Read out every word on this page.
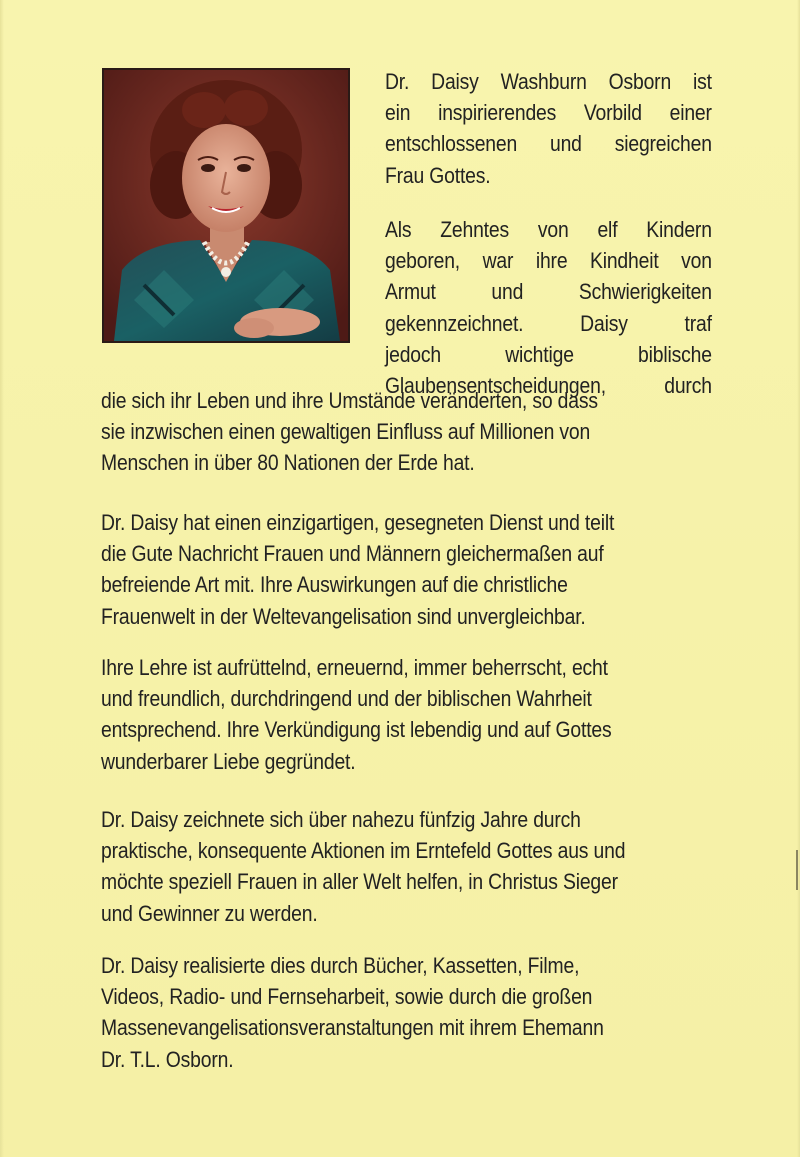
Dr. Daisy Washburn Osborn ist
ein inspirierendes Vorbild einer
entschlossenen und siegreichen
Frau Gottes.
Als Zehntes von elf Kindern
geboren, war ihre Kindheit von
Armut und Schwierigkeiten
gekennzeichnet. Daisy traf
jedoch wichtige biblische
Glaubensentscheidungen, durch
die sich ihr Leben und ihre Umstände veränderten, so dass
sie inzwischen einen gewaltigen Einfluss auf Millionen von
Menschen in über 80 Nationen der Erde hat.
Dr. Daisy hat einen einzigartigen, gesegneten Dienst und teilt
die Gute Nachricht Frauen und Männern gleichermaßen auf
befreiende Art mit. Ihre Auswirkungen auf die christliche
Frauenwelt in der Weltevangelisation sind unvergleichbar.
Ihre Lehre ist aufrüttelnd, erneuernd, immer beherrscht, echt
und freundlich, durchdringend und der biblischen Wahrheit
entsprechend. Ihre Verkündigung ist lebendig und auf Gottes
wunderbarer Liebe gegründet.
Dr. Daisy zeichnete sich über nahezu fünfzig Jahre durch
praktische, konsequente Aktionen im Erntefeld Gottes aus und
möchte speziell Frauen in aller Welt helfen, in Christus Sieger
und Gewinner zu werden.
Dr. Daisy realisierte dies durch Bücher, Kassetten, Filme,
Videos, Radio- und Fernseharbeit, sowie durch die großen
Massenevangelisationsveranstaltungen mit ihrem Ehemann
Dr. T.L. Osborn.
